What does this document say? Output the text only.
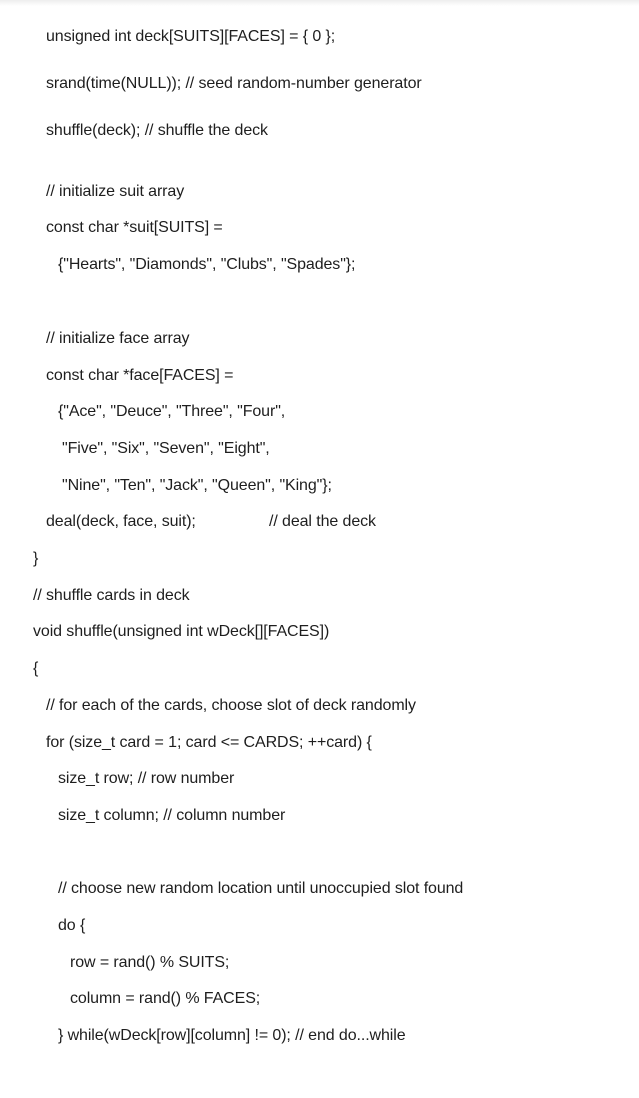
unsigned int deck[SUITS][FACES] = { 0 };

srand(time(NULL)); // seed random-number generator

shuffle(deck); // shuffle the deck

// initialize suit array

const char *suit[SUITS] =

{"Hearts", "Diamonds", "Clubs", "Spades"};

// initialize face array

const char *face[FACES] =

{"Ace", "Deuce", "Three", "Four",

"Five", "Six", "Seven", "Eight",

"Nine", "Ten", "Jack", "Queen", "King"};

deal(deck, face, suit);	// deal the deck

}

// shuffle cards in deck

void shuffle(unsigned int wDeck[][FACES])

{

// for each of the cards, choose slot of deck randomly

for (size_t card = 1; card <= CARDS; ++card) {

size_t row; // row number

size_t column; // column number

// choose new random location until unoccupied slot found

do {

row = rand() % SUITS;

column = rand() % FACES;

} while(wDeck[row][column] != 0); // end do...while
